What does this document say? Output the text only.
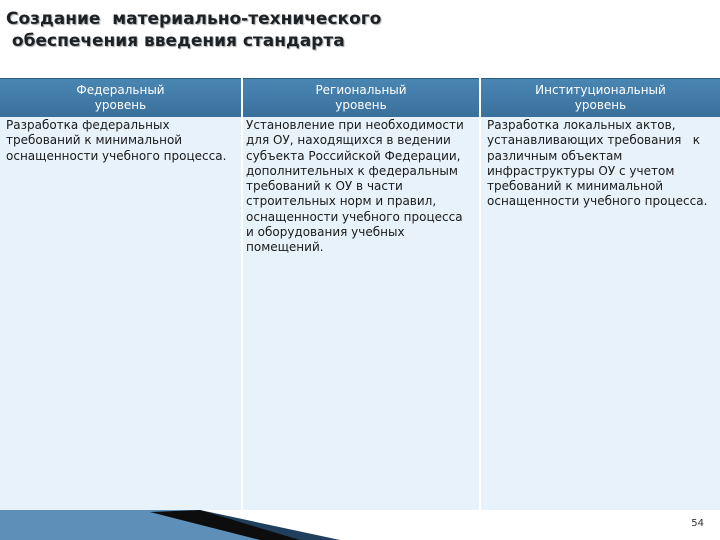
Создание  материально-технического
обеспечения введения стандарта
Федеральный
уровень
Региональный
уровень
Институциональный
уровень
Разработка федеральных
требований к минимальной
оснащенности учебного процесса.
Установление при необходимости
для ОУ, находящихся в ведении
субъекта Российской Федерации,
дополнительных к федеральным
требований к ОУ в части
строительных норм и правил,
оснащенности учебного процесса
и оборудования учебных
помещений.
Разработка локальных актов,
устанавливающих требования   к
различным объектам
инфраструктуры ОУ с учетом
требований к минимальной
оснащенности учебного процесса.
54
